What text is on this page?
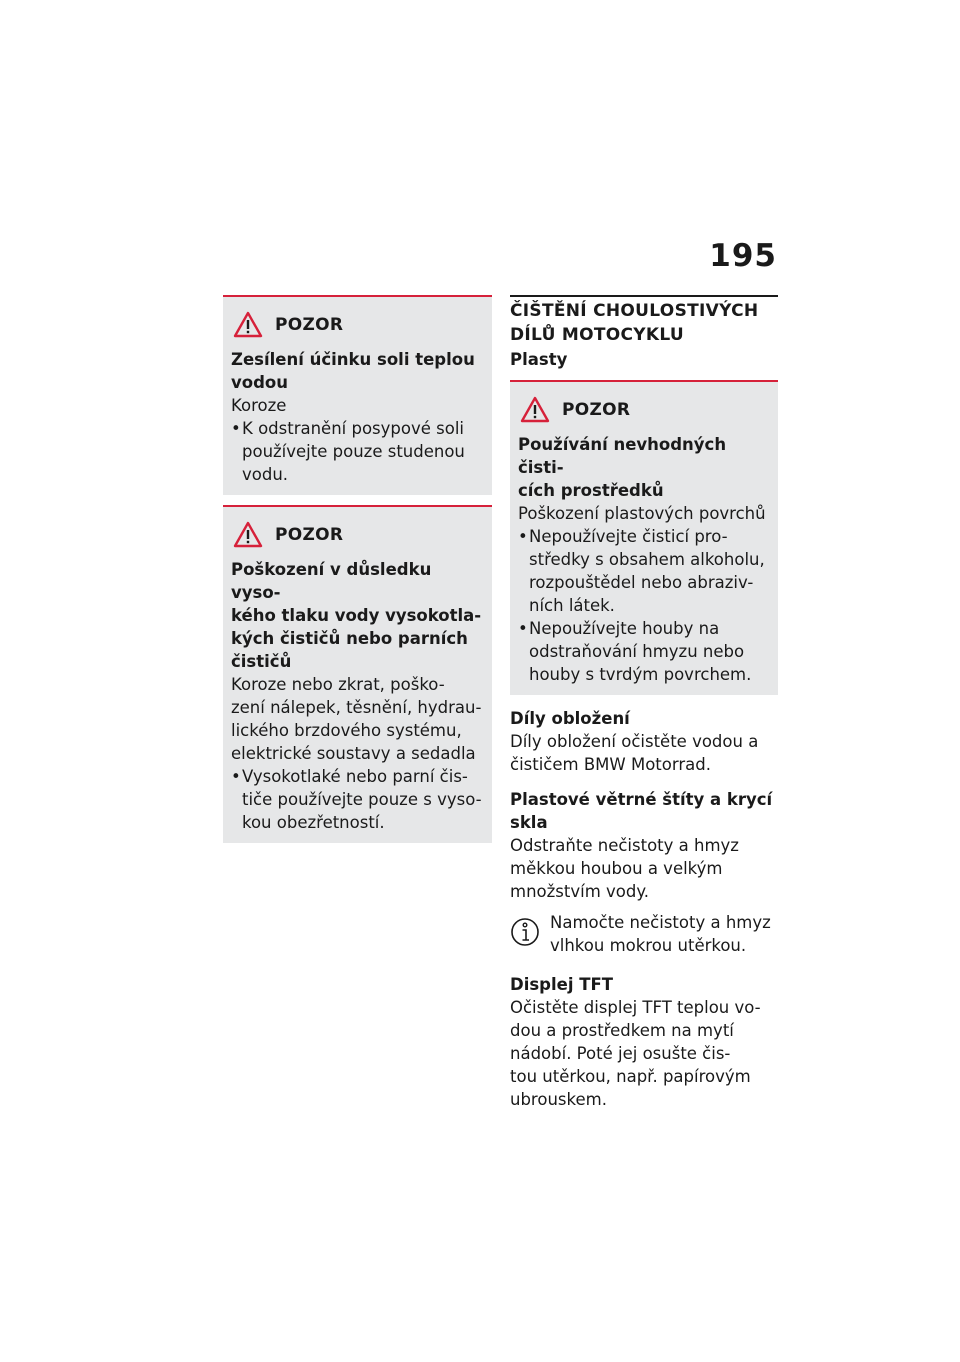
195
POZOR
Zesílení účinku soli teplou
vodou
Koroze
• K odstranění posypové soli
používejte pouze studenou
vodu.
POZOR
Poškození v důsledku vyso-
kého tlaku vody vysokotla-
kých čističů nebo parních
čističů
Koroze nebo zkrat, poško-
zení nálepek, těsnění, hydrau-
lického brzdového systému,
elektrické soustavy a sedadla
• Vysokotlaké nebo parní čis-
tiče používejte pouze s vyso-
kou obezřetností.
ČIŠTĚNÍ CHOULOSTIVÝCH
DÍLŮ MOTOCYKLU
Plasty
POZOR
Používání nevhodných čisti-
cích prostředků
Poškození plastových povrchů
• Nepoužívejte čisticí pro-
středky s obsahem alkoholu,
rozpouštědel nebo abraziv-
ních látek.
• Nepoužívejte houby na
odstraňování hmyzu nebo
houby s tvrdým povrchem.
Díly obložení
Díly obložení očistěte vodou a
čističem BMW Motorrad.
Plastové větrné štíty a krycí
skla
Odstraňte nečistoty a hmyz
měkkou houbou a velkým
množstvím vody.
Namočte nečistoty a hmyz
vlhkou mokrou utěrkou.
Displej TFT
Očistěte displej TFT teplou vo-
dou a prostředkem na mytí
nádobí. Poté jej osušte čis-
tou utěrkou, např. papírovým
ubrouskem.
